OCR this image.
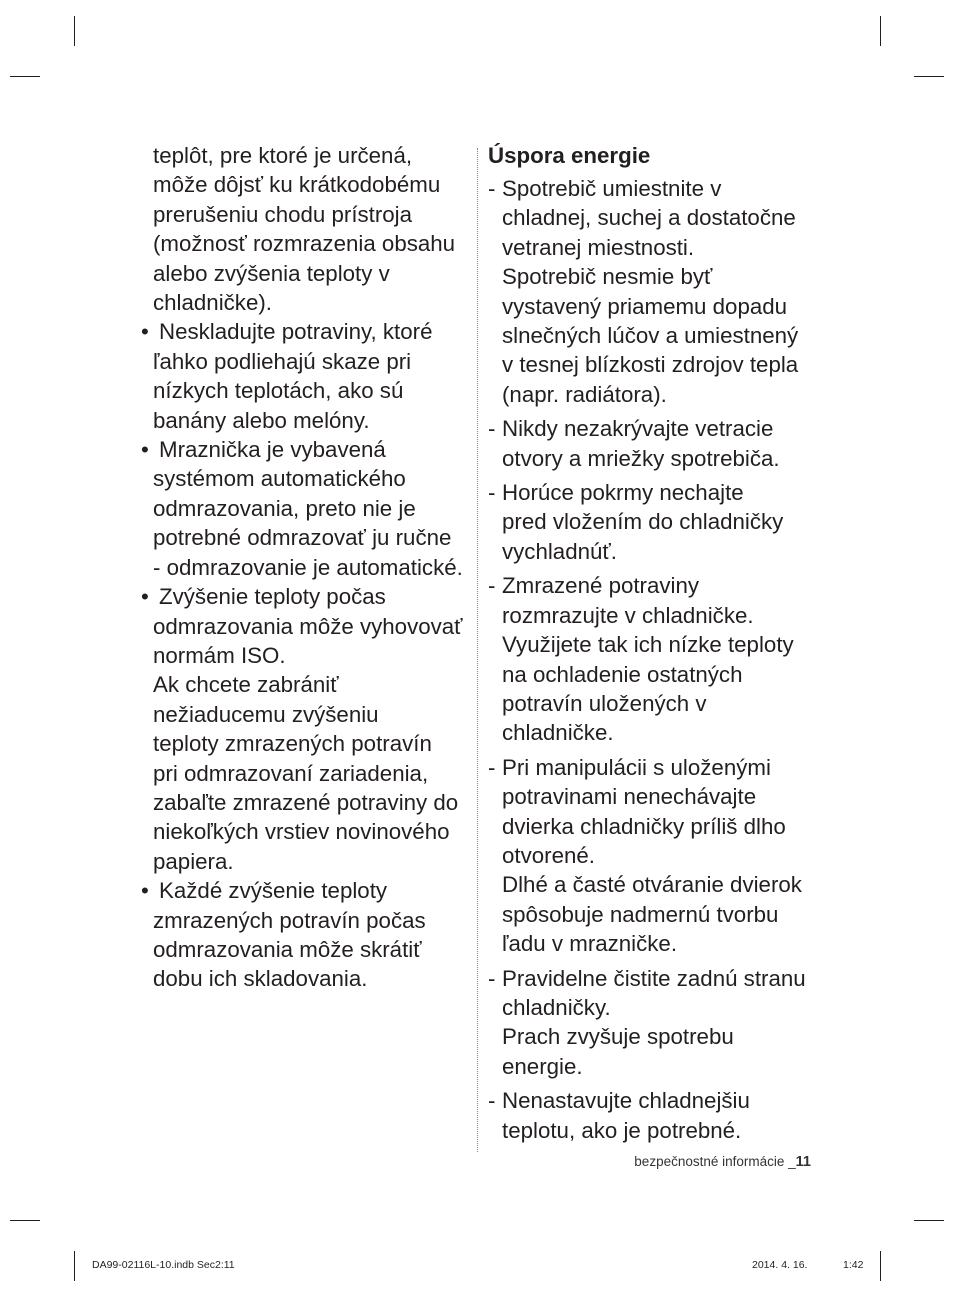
teplôt, pre ktoré je určená,
môže dôjsť ku krátkodobému
prerušeniu chodu prístroja
(možnosť rozmrazenia obsahu
alebo zvýšenia teploty v
chladničke).

• Neskladujte potraviny, ktoré
ľahko podliehajú skaze pri
nízkych teplotách, ako sú
banány alebo melóny.
• Mraznička je vybavená
systémom automatického
odmrazovania, preto nie je
potrebné odmrazovať ju ručne
- odmrazovanie je automatické.
• Zvýšenie teploty počas
odmrazovania môže vyhovovať
normám ISO.
Ak chcete zabrániť
nežiaducemu zvýšeniu
teploty zmrazených potravín
pri odmrazovaní zariadenia,
zabaľte zmrazené potraviny do
niekoľkých vrstiev novinového
papiera.
• Každé zvýšenie teploty
zmrazených potravín počas
odmrazovania môže skrátiť
dobu ich skladovania.
Úspora energie
- Spotrebič umiestnite v
chladnej, suchej a dostatočne
vetranej miestnosti.
Spotrebič nesmie byť
vystavený priamemu dopadu
slnečných lúčov a umiestnený
v tesnej blízkosti zdrojov tepla
(napr. radiátora).
- Nikdy nezakrývajte vetracie
otvory a mriežky spotrebiča.
- Horúce pokrmy nechajte
pred vložením do chladničky
vychladnúť.
- Zmrazené potraviny
rozmrazujte v chladničke.
Využijete tak ich nízke teploty
na ochladenie ostatných
potravín uložených v
chladničke.
- Pri manipulácii s uloženými
potravinami nenechávajte
dvierka chladničky príliš dlho
otvorené.
Dlhé a časté otváranie dvierok
spôsobuje nadmernú tvorbu
ľadu v mrazničke.
- Pravidelne čistite zadnú stranu
chladničky.
Prach zvyšuje spotrebu
energie.
- Nenastavujte chladnejšiu
teplotu, ako je potrebné.
bezpečnostné informácie _11
DA99-02116L-10.indb Sec2:11	2014. 4. 16.	1:42
